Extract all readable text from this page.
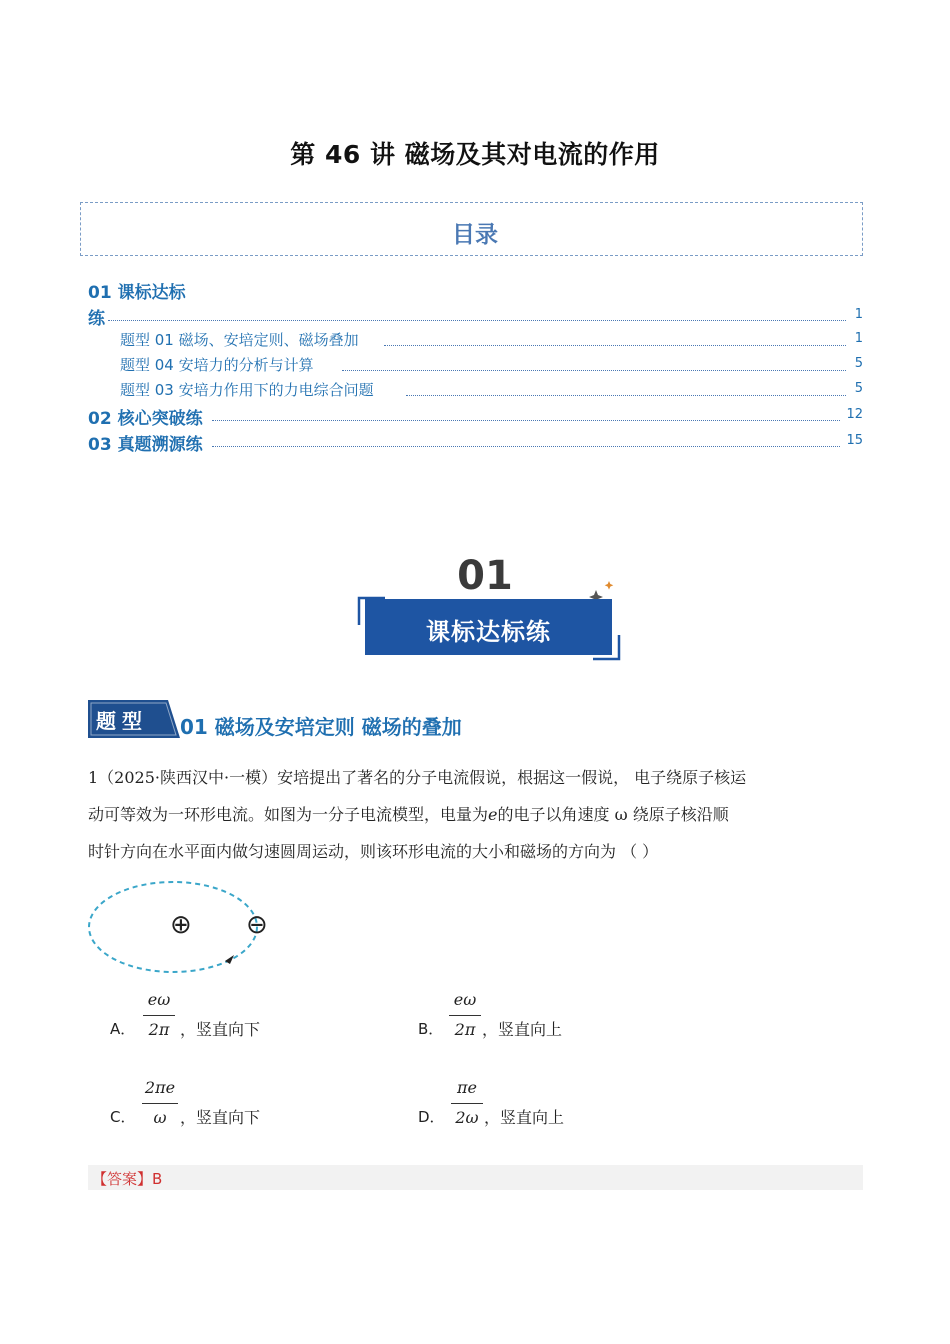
第 46 讲 磁场及其对电流的作用
目录
01 课标达标
练	1
题型 01 磁场、安培定则、磁场叠加	1
题型 04 安培力的分析与计算	5
题型 03 安培力作用下的力电综合问题	5
02 核心突破练	12
03 真题溯源练	15
01
课标达标练
题型 01 磁场及安培定则 磁场的叠加
1（2025·陕西汉中·一模）安培提出了著名的分子电流假说，根据这一假说， 电子绕原子核运
动可等效为一环形电流。如图为一分子电流模型，电量为e的电子以角速度 ω 绕原子核沿顺
时针方向在水平面内做匀速圆周运动，则该环形电流的大小和磁场的方向为 （ ）
⊕ ⊖
A．
eω
2π ，竖直向下	B．
eω
2π ，竖直向上
C．
2πe
ω ，竖直向下	D．
πe
2ω ，竖直向上
【答案】B
